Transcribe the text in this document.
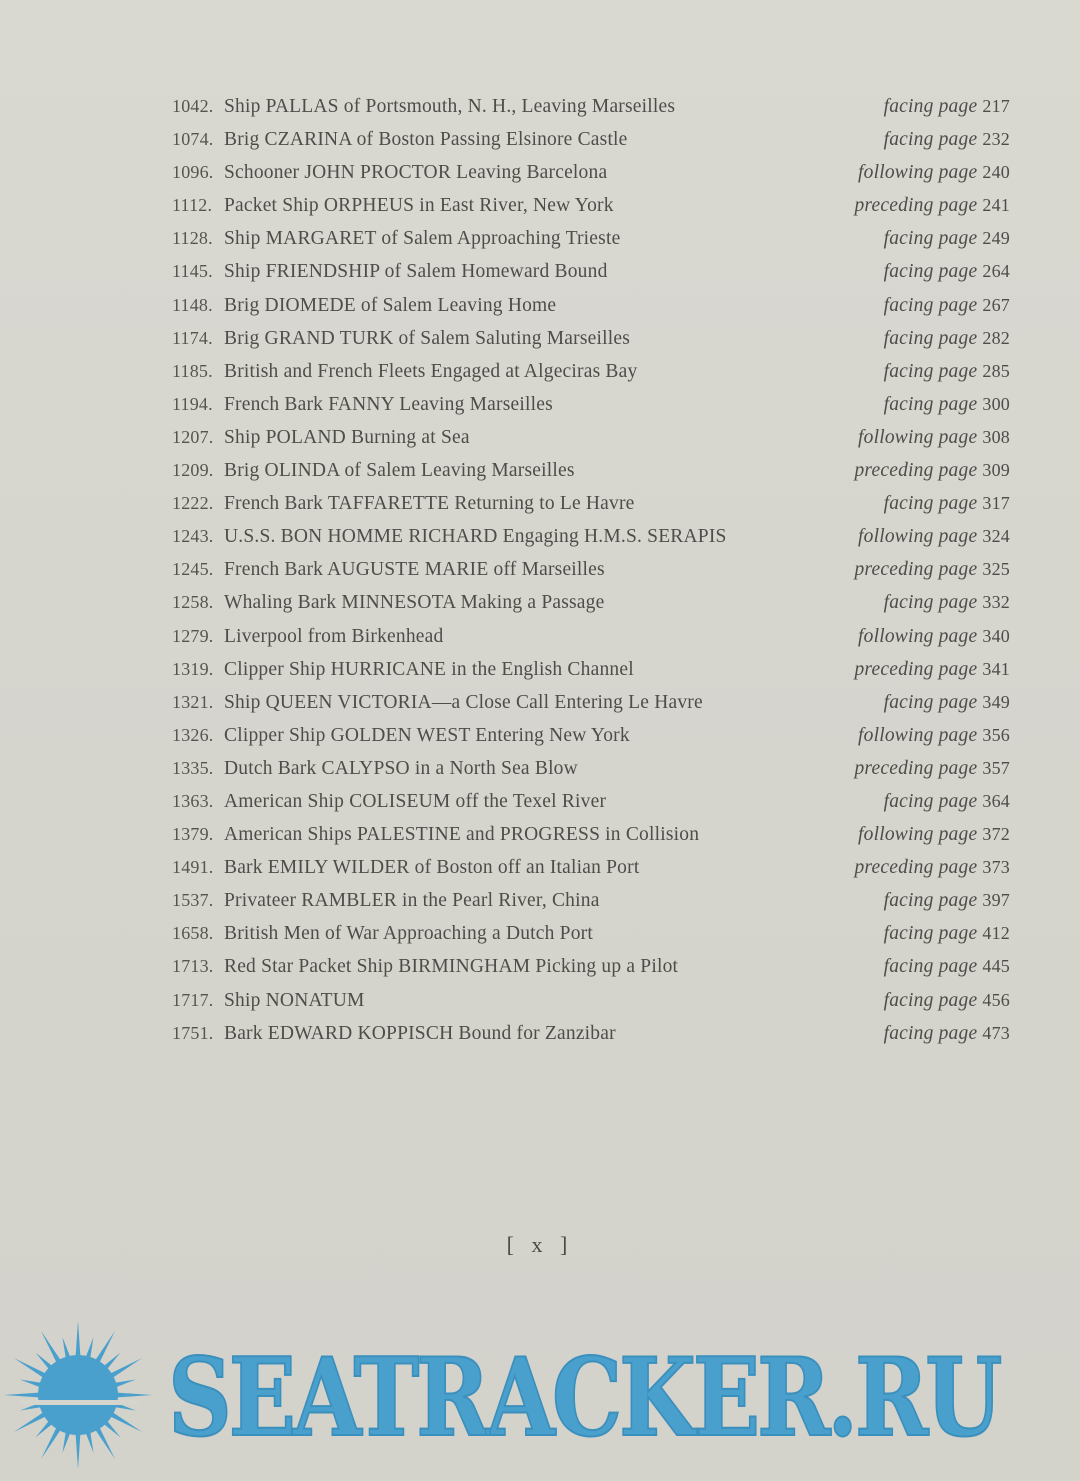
1042. Ship PALLAS of Portsmouth, N. H., Leaving Marseilles	facing page 217
1074. Brig CZARINA of Boston Passing Elsinore Castle	facing page 232
1096. Schooner JOHN PROCTOR Leaving Barcelona	following page 240
1112. Packet Ship ORPHEUS in East River, New York	preceding page 241
1128. Ship MARGARET of Salem Approaching Trieste	facing page 249
1145. Ship FRIENDSHIP of Salem Homeward Bound	facing page 264
1148. Brig DIOMEDE of Salem Leaving Home	facing page 267
1174. Brig GRAND TURK of Salem Saluting Marseilles	facing page 282
1185. British and French Fleets Engaged at Algeciras Bay	facing page 285
1194. French Bark FANNY Leaving Marseilles	facing page 300
1207. Ship POLAND Burning at Sea	following page 308
1209. Brig OLINDA of Salem Leaving Marseilles	preceding page 309
1222. French Bark TAFFARETTE Returning to Le Havre	facing page 317
1243. U.S.S. BON HOMME RICHARD Engaging H.M.S. SERAPIS	following page 324
1245. French Bark AUGUSTE MARIE off Marseilles	preceding page 325
1258. Whaling Bark MINNESOTA Making a Passage	facing page 332
1279. Liverpool from Birkenhead	following page 340
1319. Clipper Ship HURRICANE in the English Channel	preceding page 341
1321. Ship QUEEN VICTORIA—a Close Call Entering Le Havre	facing page 349
1326. Clipper Ship GOLDEN WEST Entering New York	following page 356
1335. Dutch Bark CALYPSO in a North Sea Blow	preceding page 357
1363. American Ship COLISEUM off the Texel River	facing page 364
1379. American Ships PALESTINE and PROGRESS in Collision	following page 372
1491. Bark EMILY WILDER of Boston off an Italian Port	preceding page 373
1537. Privateer RAMBLER in the Pearl River, China	facing page 397
1658. British Men of War Approaching a Dutch Port	facing page 412
1713. Red Star Packet Ship BIRMINGHAM Picking up a Pilot	facing page 445
1717. Ship NONATUM	facing page 456
1751. Bark EDWARD KOPPISCH Bound for Zanzibar	facing page 473
[ x ]
SEATRACKER.RU
